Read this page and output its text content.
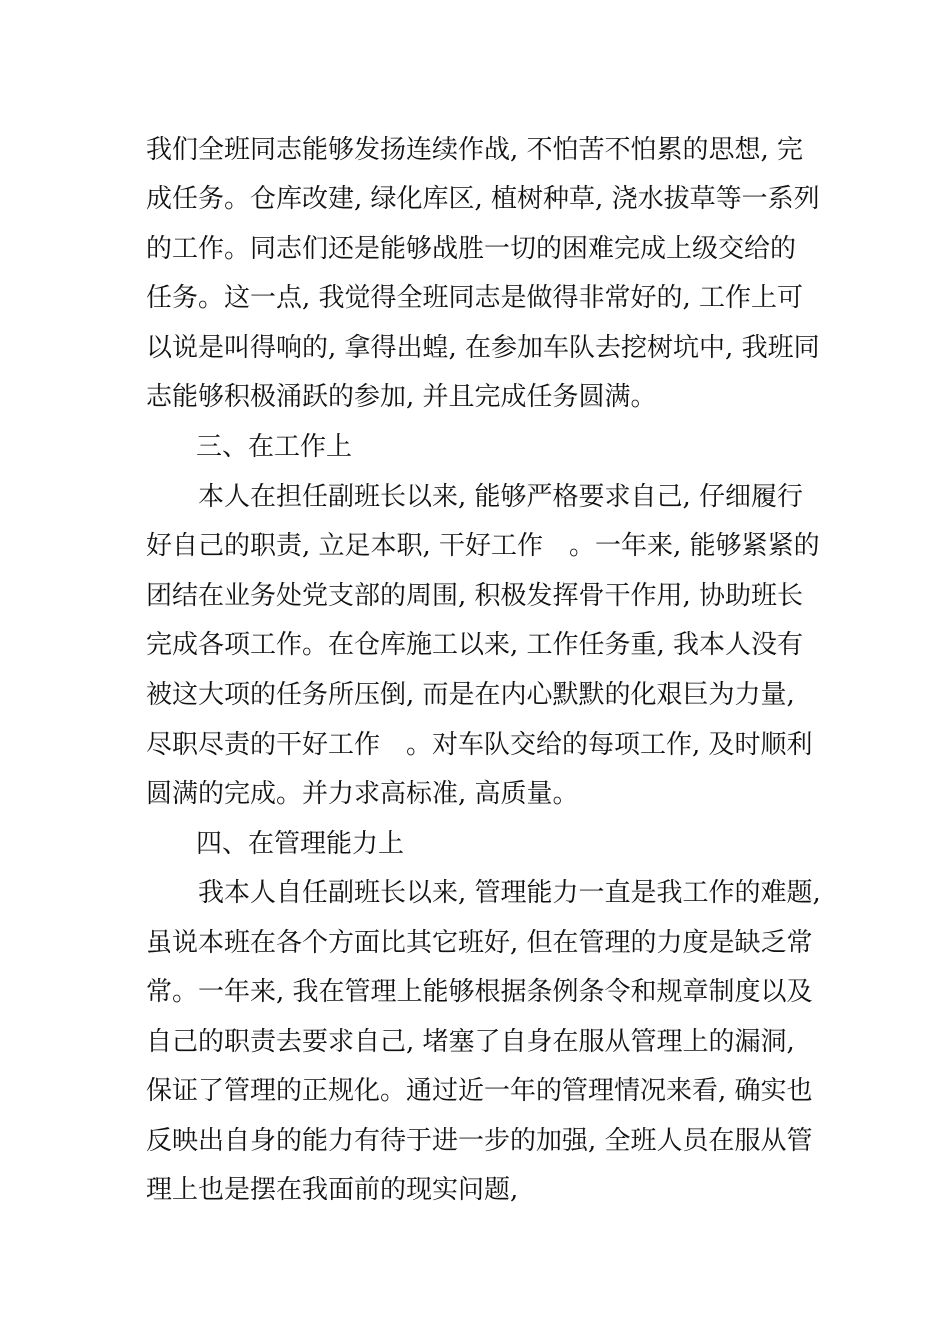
我们全班同志能够发扬连续作战, 不怕苦不怕累的思想, 完
成任务。仓库改建, 绿化库区, 植树种草, 浇水拔草等一系列
的工作。同志们还是能够战胜一切的困难完成上级交给的
任务。这一点, 我觉得全班同志是做得非常好的, 工作上可
以说是叫得响的, 拿得出蝗, 在参加车队去挖树坑中, 我班同
志能够积极涌跃的参加, 并且完成任务圆满。
三、在工作上
本人在担任副班长以来, 能够严格要求自己, 仔细履行
好自己的职责, 立足本职, 干好工作　。一年来, 能够紧紧的
团结在业务处党支部的周围, 积极发挥骨干作用, 协助班长
完成各项工作。在仓库施工以来, 工作任务重, 我本人没有
被这大项的任务所压倒, 而是在内心默默的化艰巨为力量,
尽职尽责的干好工作　。对车队交给的每项工作, 及时顺利
圆满的完成。并力求高标准, 高质量。
四、在管理能力上
我本人自任副班长以来, 管理能力一直是我工作的难题,
虽说本班在各个方面比其它班好, 但在管理的力度是缺乏常
常。一年来, 我在管理上能够根据条例条令和规章制度以及
自己的职责去要求自己, 堵塞了自身在服从管理上的漏洞,
保证了管理的正规化。通过近一年的管理情况来看, 确实也
反映出自身的能力有待于进一步的加强, 全班人员在服从管
理上也是摆在我面前的现实问题,
